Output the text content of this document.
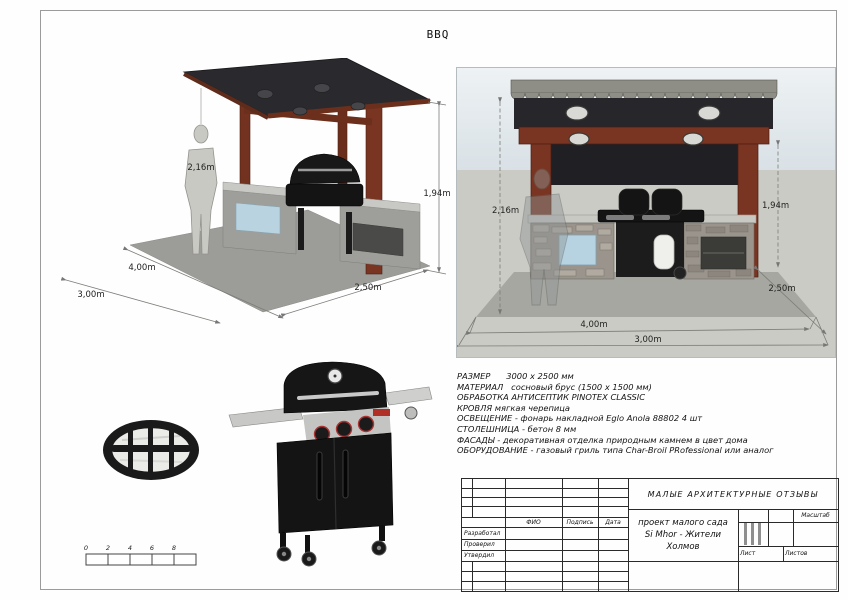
BBQ
2,16m
4,00m
3,00m
2,50m
1,94m
2,16m	1,94m
2,50m
4,00m
3,00m
РАЗМЕР      3000 x 2500 мм
МАТЕРИАЛ   сосновый брус (1500 x 1500 мм)
ОБРАБОТКА АНТИСЕПТИК PINOTEX CLASSIC
КРОВЛЯ мягкая черепица
ОСВЕЩЕНИЕ - фонарь накладной Eglo Anola 88802 4 шт
СТОЛЕШНИЦА - бетон 8 мм
ФАСАДЫ - декоративная отделка природным камнем в цвет дома
ОБОРУДОВАНИЕ - газовый гриль типа Char-Broil PRofessional или аналог
ФИО	Подпись	Дата
Разработал
Проверил
Утвердил
МАЛЫЕ АРХИТЕКТУРНЫЕ ОТЗЫВЫ
проект малого сада
Si Mhor - Жители Холмов
Масштаб
Лист	Листов
0	2	4	6	8
